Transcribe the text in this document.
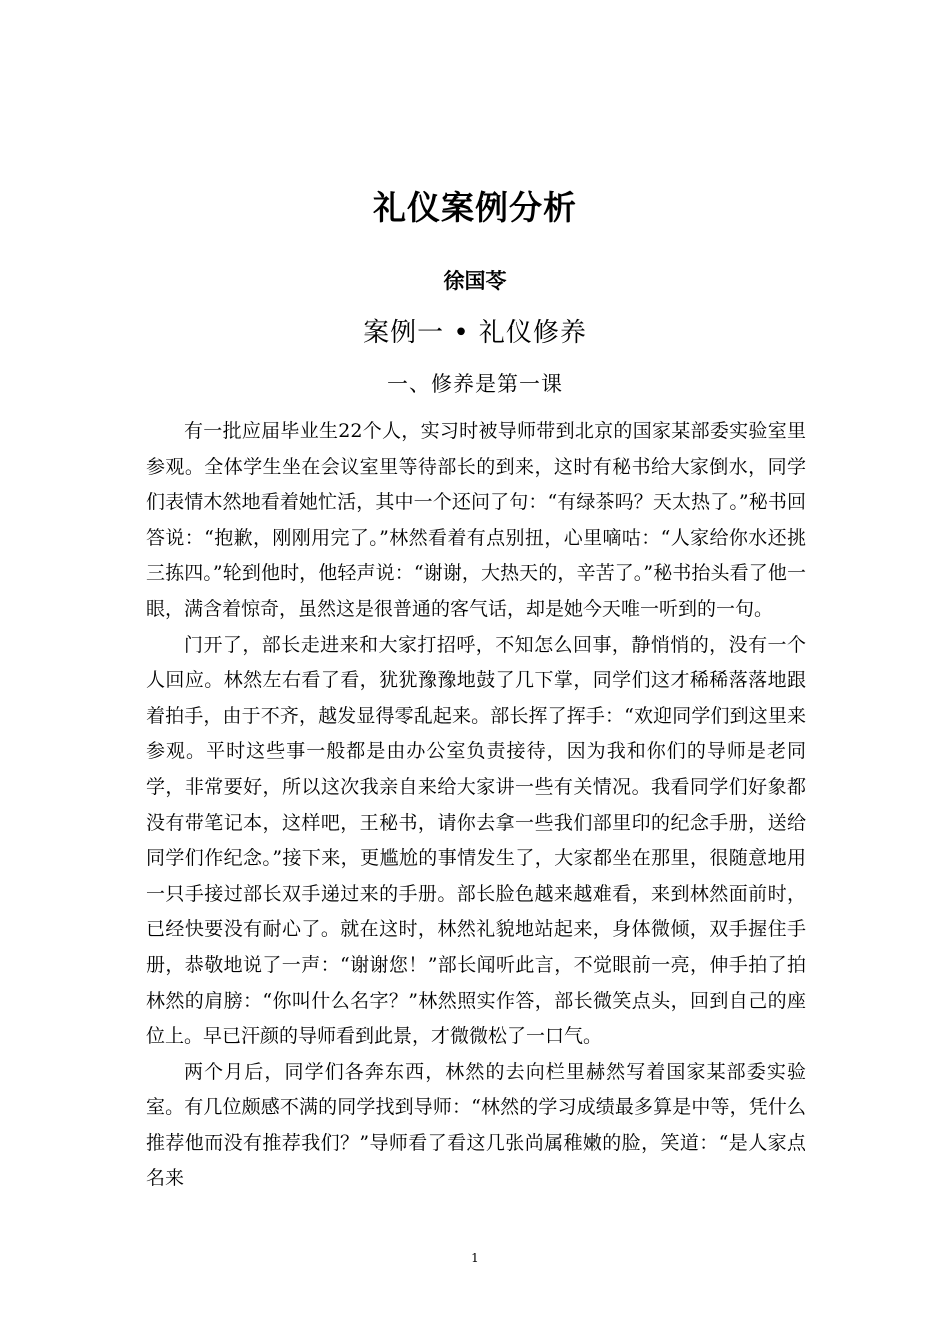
礼仪案例分析
徐国苓
案例一 • 礼仪修养
一、修养是第一课

有一批应届毕业生22个人，实习时被导师带到北京的国家某部委实验室里参观。全体学生坐在会议室里等待部长的到来，这时有秘书给大家倒水，同学们表情木然地看着她忙活，其中一个还问了句：“有绿茶吗？天太热了。”秘书回答说：“抱歉，刚刚用完了。”林然看着有点别扭，心里嘀咕：“人家给你水还挑三拣四。”轮到他时，他轻声说：“谢谢，大热天的，辛苦了。”秘书抬头看了他一眼，满含着惊奇，虽然这是很普通的客气话，却是她今天唯一听到的一句。

门开了，部长走进来和大家打招呼，不知怎么回事，静悄悄的，没有一个人回应。林然左右看了看，犹犹豫豫地鼓了几下掌，同学们这才稀稀落落地跟着拍手，由于不齐，越发显得零乱起来。部长挥了挥手：“欢迎同学们到这里来参观。平时这些事一般都是由办公室负责接待，因为我和你们的导师是老同学，非常要好，所以这次我亲自来给大家讲一些有关情况。我看同学们好象都没有带笔记本，这样吧，王秘书，请你去拿一些我们部里印的纪念手册，送给同学们作纪念。”接下来，更尴尬的事情发生了，大家都坐在那里，很随意地用一只手接过部长双手递过来的手册。部长脸色越来越难看，来到林然面前时，已经快要没有耐心了。就在这时，林然礼貌地站起来，身体微倾，双手握住手册，恭敬地说了一声：“谢谢您！”部长闻听此言，不觉眼前一亮，伸手拍了拍林然的肩膀：“你叫什么名字？”林然照实作答，部长微笑点头，回到自己的座位上。早已汗颜的导师看到此景，才微微松了一口气。

两个月后，同学们各奔东西，林然的去向栏里赫然写着国家某部委实验室。有几位颇感不满的同学找到导师：“林然的学习成绩最多算是中等，凭什么推荐他而没有推荐我们？”导师看了看这几张尚属稚嫩的脸，笑道：“是人家点名来

1
